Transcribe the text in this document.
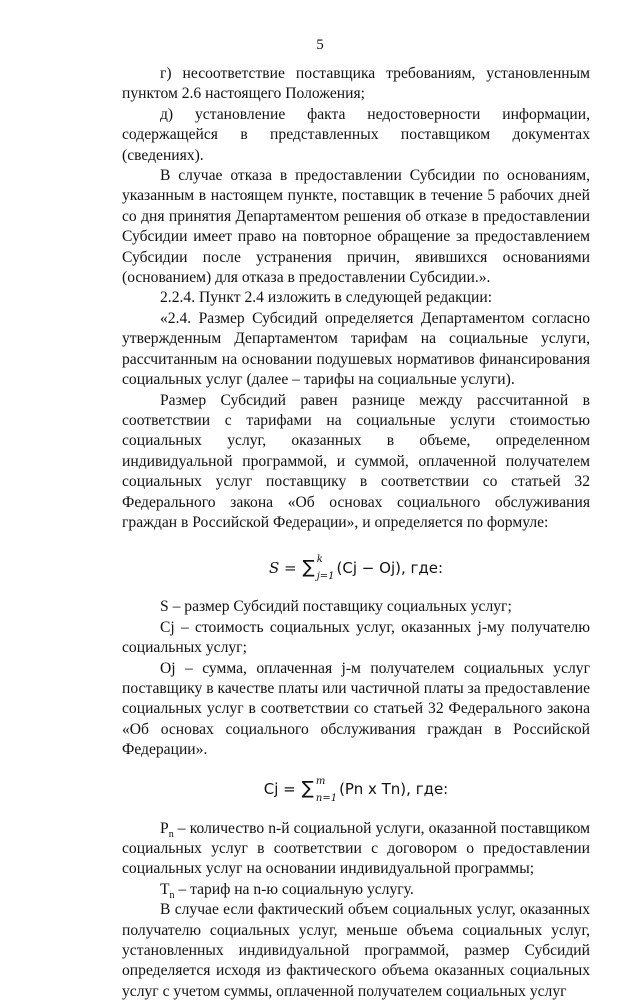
5

г) несоответствие поставщика требованиям, установленным пунктом 2.6 настоящего Положения;

д) установление факта недостоверности информации, содержащейся в представленных поставщиком документах (сведениях).

В случае отказа в предоставлении Субсидии по основаниям, указанным в настоящем пункте, поставщик в течение 5 рабочих дней со дня принятия Департаментом решения об отказе в предоставлении Субсидии имеет право на повторное обращение за предоставлением Субсидии после устранения причин, явившихся основаниями (основанием) для отказа в предоставлении Субсидии.».

2.2.4. Пункт 2.4 изложить в следующей редакции:

«2.4. Размер Субсидий определяется Департаментом согласно утвержденным Департаментом тарифам на социальные услуги, рассчитанным на основании подушевых нормативов финансирования социальных услуг (далее – тарифы на социальные услуги).

Размер Субсидий равен разнице между рассчитанной в соответствии с тарифами на социальные услуги стоимостью социальных услуг, оказанных в объеме, определенном индивидуальной программой, и суммой, оплаченной получателем социальных услуг поставщику в соответствии со статьей 32 Федерального закона «Об основах социального обслуживания граждан в Российской Федерации», и определяется по формуле:

S = ∑ k
j=1 (Cj − Oj), где:

S – размер Субсидий поставщику социальных услуг;

Cj – стоимость социальных услуг, оказанных j-му получателю социальных услуг;

Oj – сумма, оплаченная j-м получателем социальных услуг поставщику в качестве платы или частичной платы за предоставление социальных услуг в соответствии со статьей 32 Федерального закона «Об основах социального обслуживания граждан в Российской Федерации».

Cj = ∑ m
n=1 (Pn x Tn), где:

$P_n$ – количество n-й социальной услуги, оказанной поставщиком социальных услуг в соответствии с договором о предоставлении социальных услуг на основании индивидуальной программы;

$T_n$ – тариф на n-ю социальную услугу.

В случае если фактический объем социальных услуг, оказанных получателю социальных услуг, меньше объема социальных услуг, установленных индивидуальной программой, размер Субсидий определяется исходя из фактического объема оказанных социальных услуг с учетом суммы, оплаченной получателем социальных услуг
